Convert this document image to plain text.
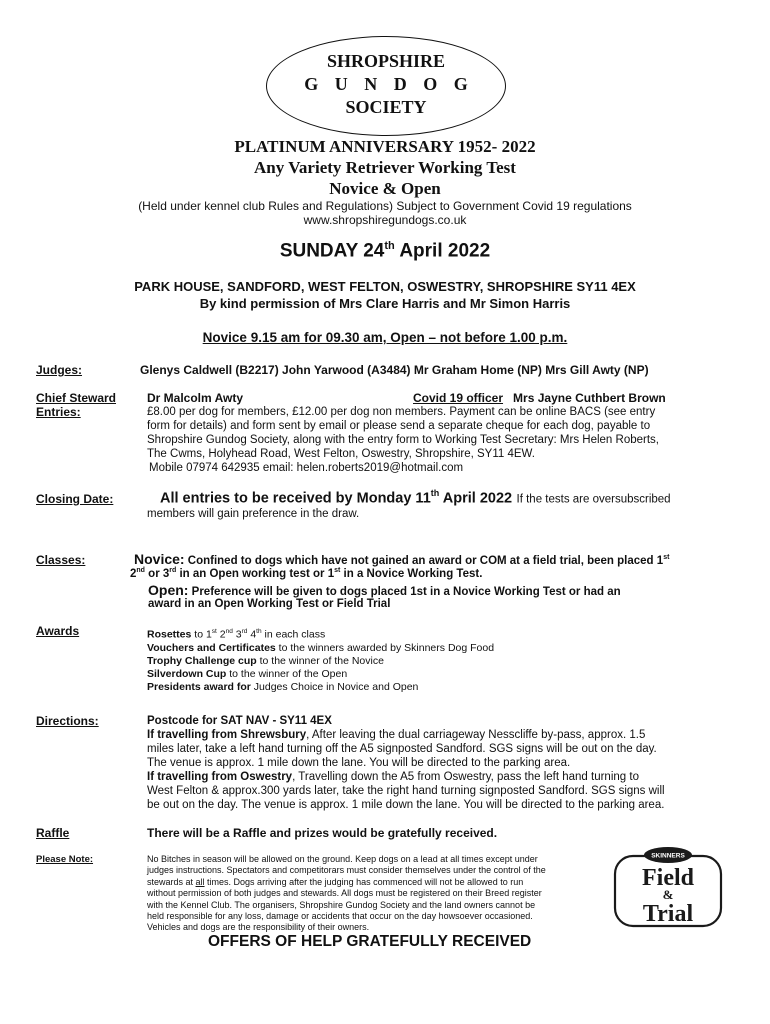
SHROPSHIRE
G U N D O G
SOCIETY
PLATINUM ANNIVERSARY 1952- 2022
Any Variety Retriever Working Test
Novice & Open
(Held under kennel club Rules and Regulations) Subject to Government Covid 19 regulations
www.shropshiregundogs.co.uk
SUNDAY 24th April 2022
PARK HOUSE, SANDFORD, WEST FELTON, OSWESTRY, SHROPSHIRE SY11 4EX
By kind permission of Mrs Clare Harris and Mr Simon Harris
Novice 9.15 am for 09.30 am, Open – not before 1.00 p.m.
Judges:	Glenys Caldwell (B2217) John Yarwood (A3484) Mr Graham Home (NP) Mrs Gill Awty (NP)
Chief Steward	Dr Malcolm Awty	Covid 19 officer Mrs Jayne Cuthbert Brown
Entries:	£8.00 per dog for members, £12.00 per dog non members. Payment can be online BACS (see entry
form for details) and form sent by email or please send a separate cheque for each dog, payable to
Shropshire Gundog Society, along with the entry form to Working Test Secretary: Mrs Helen Roberts,
The Cwms, Holyhead Road, West Felton, Oswestry, Shropshire, SY11 4EW.
Mobile 07974 642935 email: helen.roberts2019@hotmail.com
Closing Date:	All entries to be received by Monday 11th April 2022 If the tests are oversubscribed
members will gain preference in the draw.
Classes:	Novice: Confined to dogs which have not gained an award or COM at a field trial, been placed 1st
2nd or 3rd in an Open working test or 1st in a Novice Working Test.
Open: Preference will be given to dogs placed 1st in a Novice Working Test or had an
award in an Open Working Test or Field Trial
Awards	Rosettes to 1st 2nd 3rd 4th in each class
Vouchers and Certificates to the winners awarded by Skinners Dog Food
Trophy Challenge cup to the winner of the Novice
Silverdown Cup to the winner of the Open
Presidents award for Judges Choice in Novice and Open
Directions:	Postcode for SAT NAV - SY11 4EX
If travelling from Shrewsbury, After leaving the dual carriageway Nesscliffe by-pass, approx. 1.5
miles later, take a left hand turning off the A5 signposted Sandford. SGS signs will be out on the day.
The venue is approx. 1 mile down the lane. You will be directed to the parking area.
If travelling from Oswestry, Travelling down the A5 from Oswestry, pass the left hand turning to
West Felton & approx.300 yards later, take the right hand turning signposted Sandford. SGS signs will
be out on the day. The venue is approx. 1 mile down the lane. You will be directed to the parking area.
Raffle	There will be a Raffle and prizes would be gratefully received.
Please Note:	No Bitches in season will be allowed on the ground. Keep dogs on a lead at all times except under
judges instructions. Spectators and competitorars must consider themselves under the control of the
stewards at all times. Dogs arriving after the judging has commenced will not be allowed to run
without permission of both judges and stewards. All dogs must be registered on their Breed register
with the Kennel Club. The organisers, Shropshire Gundog Society and the land owners cannot be
held responsible for any loss, damage or accidents that occur on the day howsoever occasioned.
Vehicles and dogs are the responsibility of their owners.
SKINNERS
Field
&
Trial
OFFERS OF HELP GRATEFULLY RECEIVED
